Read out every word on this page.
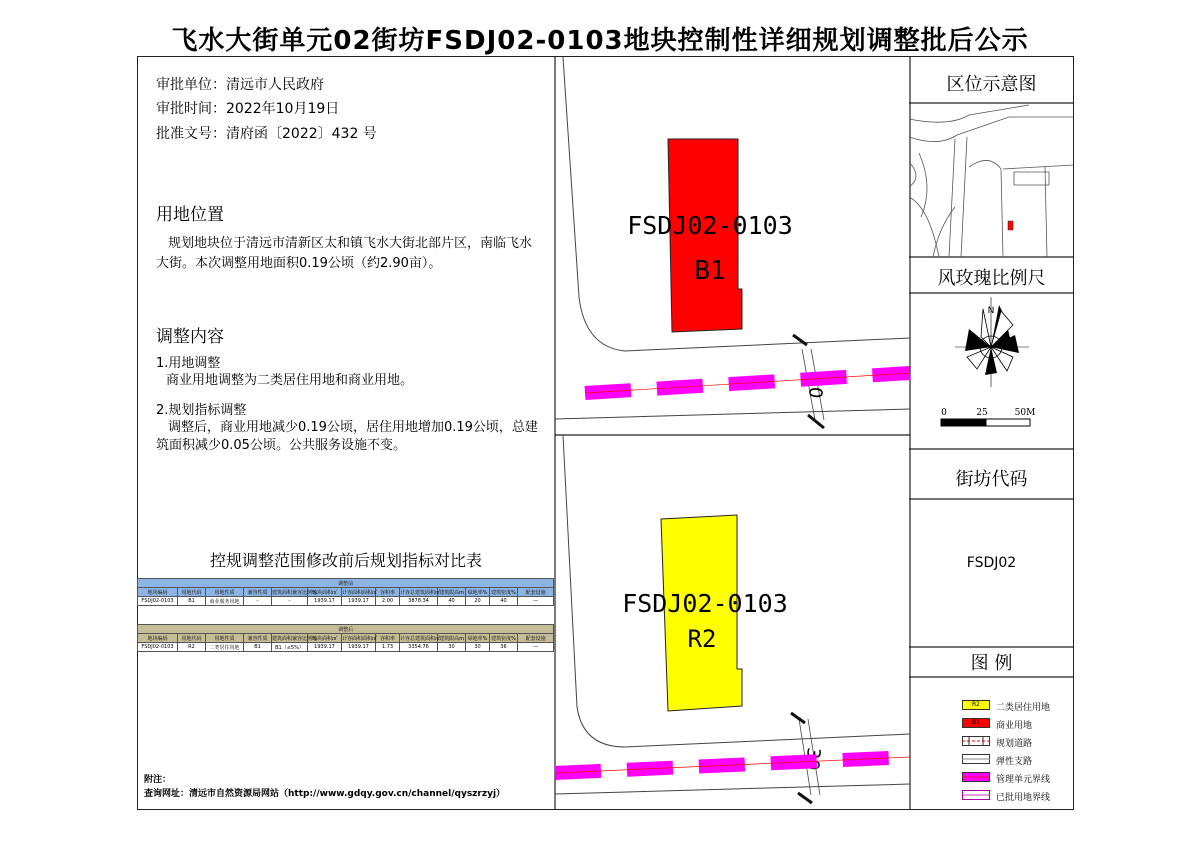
飞水大街单元02街坊FSDJ02-0103地块控制性详细规划调整批后公示
审批单位：清远市人民政府
审批时间：2022年10月19日
批准文号：清府函〔2022〕432 号
用地位置
规划地块位于清远市清新区太和镇飞水大街北部片区，南临飞水
大街。本次调整用地面积0.19公顷（约2.90亩）。
调整内容
1.用地调整
商业用地调整为二类居住用地和商业用地。
2.规划指标调整
调整后，商业用地减少0.19公顷，居住用地增加0.19公顷，总建
筑面积减少0.05公顷。公共服务设施不变。
控规调整范围修改前后规划指标对比表
调整前												
地块编码	用地代码	用地性质	兼容性质	建筑面积兼容比例%	地块面积㎡	计容面积面积㎡	容积率	计容总建筑面积㎡	建筑限高m	绿地率%	建筑密度%	配套设施
FSDJ02-0103	B1	商业服务用地	-	-	1939.17	1939.17	2.00	3878.34	40	20	40	—
调整后												
地块编码	用地代码	用地性质	兼容性质	建筑面积兼容比例%	地块面积㎡	计容面积面积㎡	容积率	计容总建筑面积㎡	建筑限高m	绿地率%	建筑密度%	配套设施
FSDJ02-0103	R2	二类居住用地	B1	B1（≤5%）	1939.17	1939.17	1.73	3354.76	30	30	36	—
附注：
查询网址：清远市自然资源局网站（http://www.gdqy.gov.cn/channel/qyszrzyj）
30
FSDJ02-0103
B1
30
FSDJ02-0103
R2
N
0	25	50M
区位示意图
风玫瑰比例尺
街坊代码
FSDJ02
图 例
R2	二类居住用地
B1	商业用地
规划道路
弹性支路
管理单元界线
已批用地界线
